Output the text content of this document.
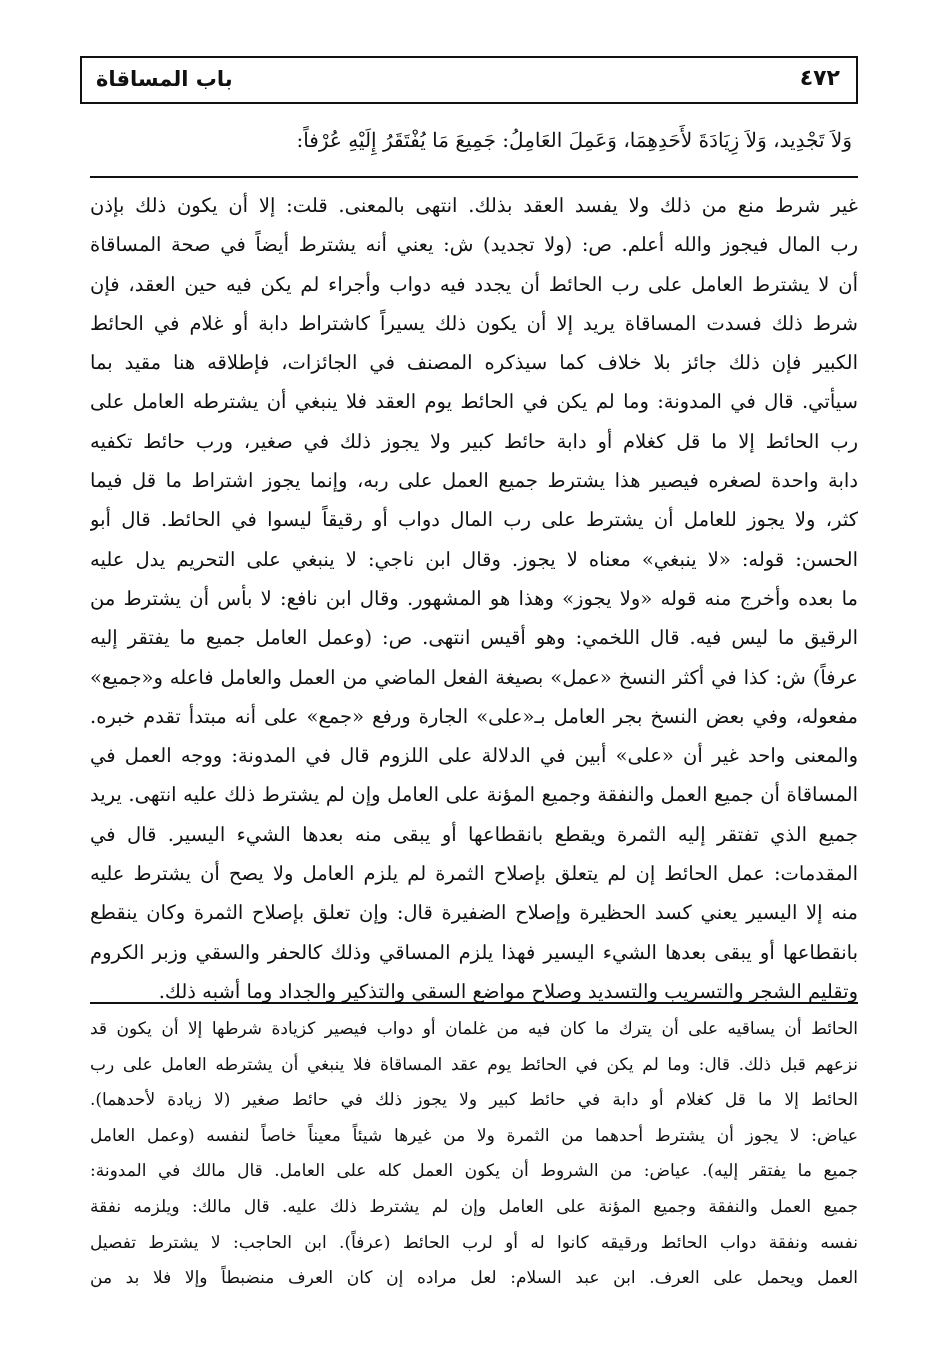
باب المساقاة	٤٧٢
وَلاَ تَجْدِيد، وَلاَ زِيَادَةَ لأَحَدِهِمَا، وَعَمِلَ العَامِلُ: جَمِيعَ مَا يُفْتَقَرُ إِلَيْهِ عُرْفاً:
غير شرط منع من ذلك ولا يفسد العقد بذلك. انتهى بالمعنى. قلت: إلا أن يكون ذلك بإذن
رب المال فيجوز والله أعلم. ص: (ولا تجديد) ش: يعني أنه يشترط أيضاً في صحة المساقاة
أن لا يشترط العامل على رب الحائط أن يجدد فيه دواب وأجراء لم يكن فيه حين العقد، فإن
شرط ذلك فسدت المساقاة يريد إلا أن يكون ذلك يسيراً كاشتراط دابة أو غلام في الحائط
الكبير فإن ذلك جائز بلا خلاف كما سيذكره المصنف في الجائزات، فإطلاقه هنا مقيد بما
سيأتي. قال في المدونة: وما لم يكن في الحائط يوم العقد فلا ينبغي أن يشترطه العامل على
رب الحائط إلا ما قل كغلام أو دابة حائط كبير ولا يجوز ذلك في صغير، ورب حائط تكفيه
دابة واحدة لصغره فيصير هذا يشترط جميع العمل على ربه، وإنما يجوز اشتراط ما قل فيما
كثر، ولا يجوز للعامل أن يشترط على رب المال دواب أو رقيقاً ليسوا في الحائط. قال أبو
الحسن: قوله: «لا ينبغي» معناه لا يجوز. وقال ابن ناجي: لا ينبغي على التحريم يدل عليه
ما بعده وأخرج منه قوله «ولا يجوز» وهذا هو المشهور. وقال ابن نافع: لا بأس أن يشترط من
الرقيق ما ليس فيه. قال اللخمي: وهو أقيس انتهى. ص: (وعمل العامل جميع ما يفتقر إليه
عرفاً) ش: كذا في أكثر النسخ «عمل» بصيغة الفعل الماضي من العمل والعامل فاعله و«جميع»
مفعوله، وفي بعض النسخ بجر العامل بـ«على» الجارة ورفع «جمع» على أنه مبتدأ تقدم خبره.
والمعنى واحد غير أن «على» أبين في الدلالة على اللزوم قال في المدونة: ووجه العمل في
المساقاة أن جميع العمل والنفقة وجميع المؤنة على العامل وإن لم يشترط ذلك عليه انتهى. يريد
جميع الذي تفتقر إليه الثمرة ويقطع بانقطاعها أو يبقى منه بعدها الشيء اليسير. قال في
المقدمات: عمل الحائط إن لم يتعلق بإصلاح الثمرة لم يلزم العامل ولا يصح أن يشترط عليه
منه إلا اليسير يعني كسد الحظيرة وإصلاح الضفيرة قال: وإن تعلق بإصلاح الثمرة وكان ينقطع
بانقطاعها أو يبقى بعدها الشيء اليسير فهذا يلزم المساقي وذلك كالحفر والسقي وزبر الكروم
وتقليم الشجر والتسريب والتسديد وصلاح مواضع السقي والتذكير والجداد وما أشبه ذلك.
الحائط أن يساقيه على أن يترك ما كان فيه من غلمان أو دواب فيصير كزيادة شرطها إلا أن يكون قد
نزعهم قبل ذلك. قال: وما لم يكن في الحائط يوم عقد المساقاة فلا ينبغي أن يشترطه العامل على رب
الحائط إلا ما قل كغلام أو دابة في حائط كبير ولا يجوز ذلك في حائط صغير (لا زيادة لأحدهما).
عياض: لا يجوز أن يشترط أحدهما من الثمرة ولا من غيرها شيئاً معيناً خاصاً لنفسه (وعمل العامل
جميع ما يفتقر إليه). عياض: من الشروط أن يكون العمل كله على العامل. قال مالك في المدونة:
جميع العمل والنفقة وجميع المؤنة على العامل وإن لم يشترط ذلك عليه. قال مالك: ويلزمه نفقة
نفسه ونفقة دواب الحائط ورقيقه كانوا له أو لرب الحائط (عرفاً). ابن الحاجب: لا يشترط تفصيل
العمل ويحمل على العرف. ابن عبد السلام: لعل مراده إن كان العرف منضبطاً وإلا فلا بد من
